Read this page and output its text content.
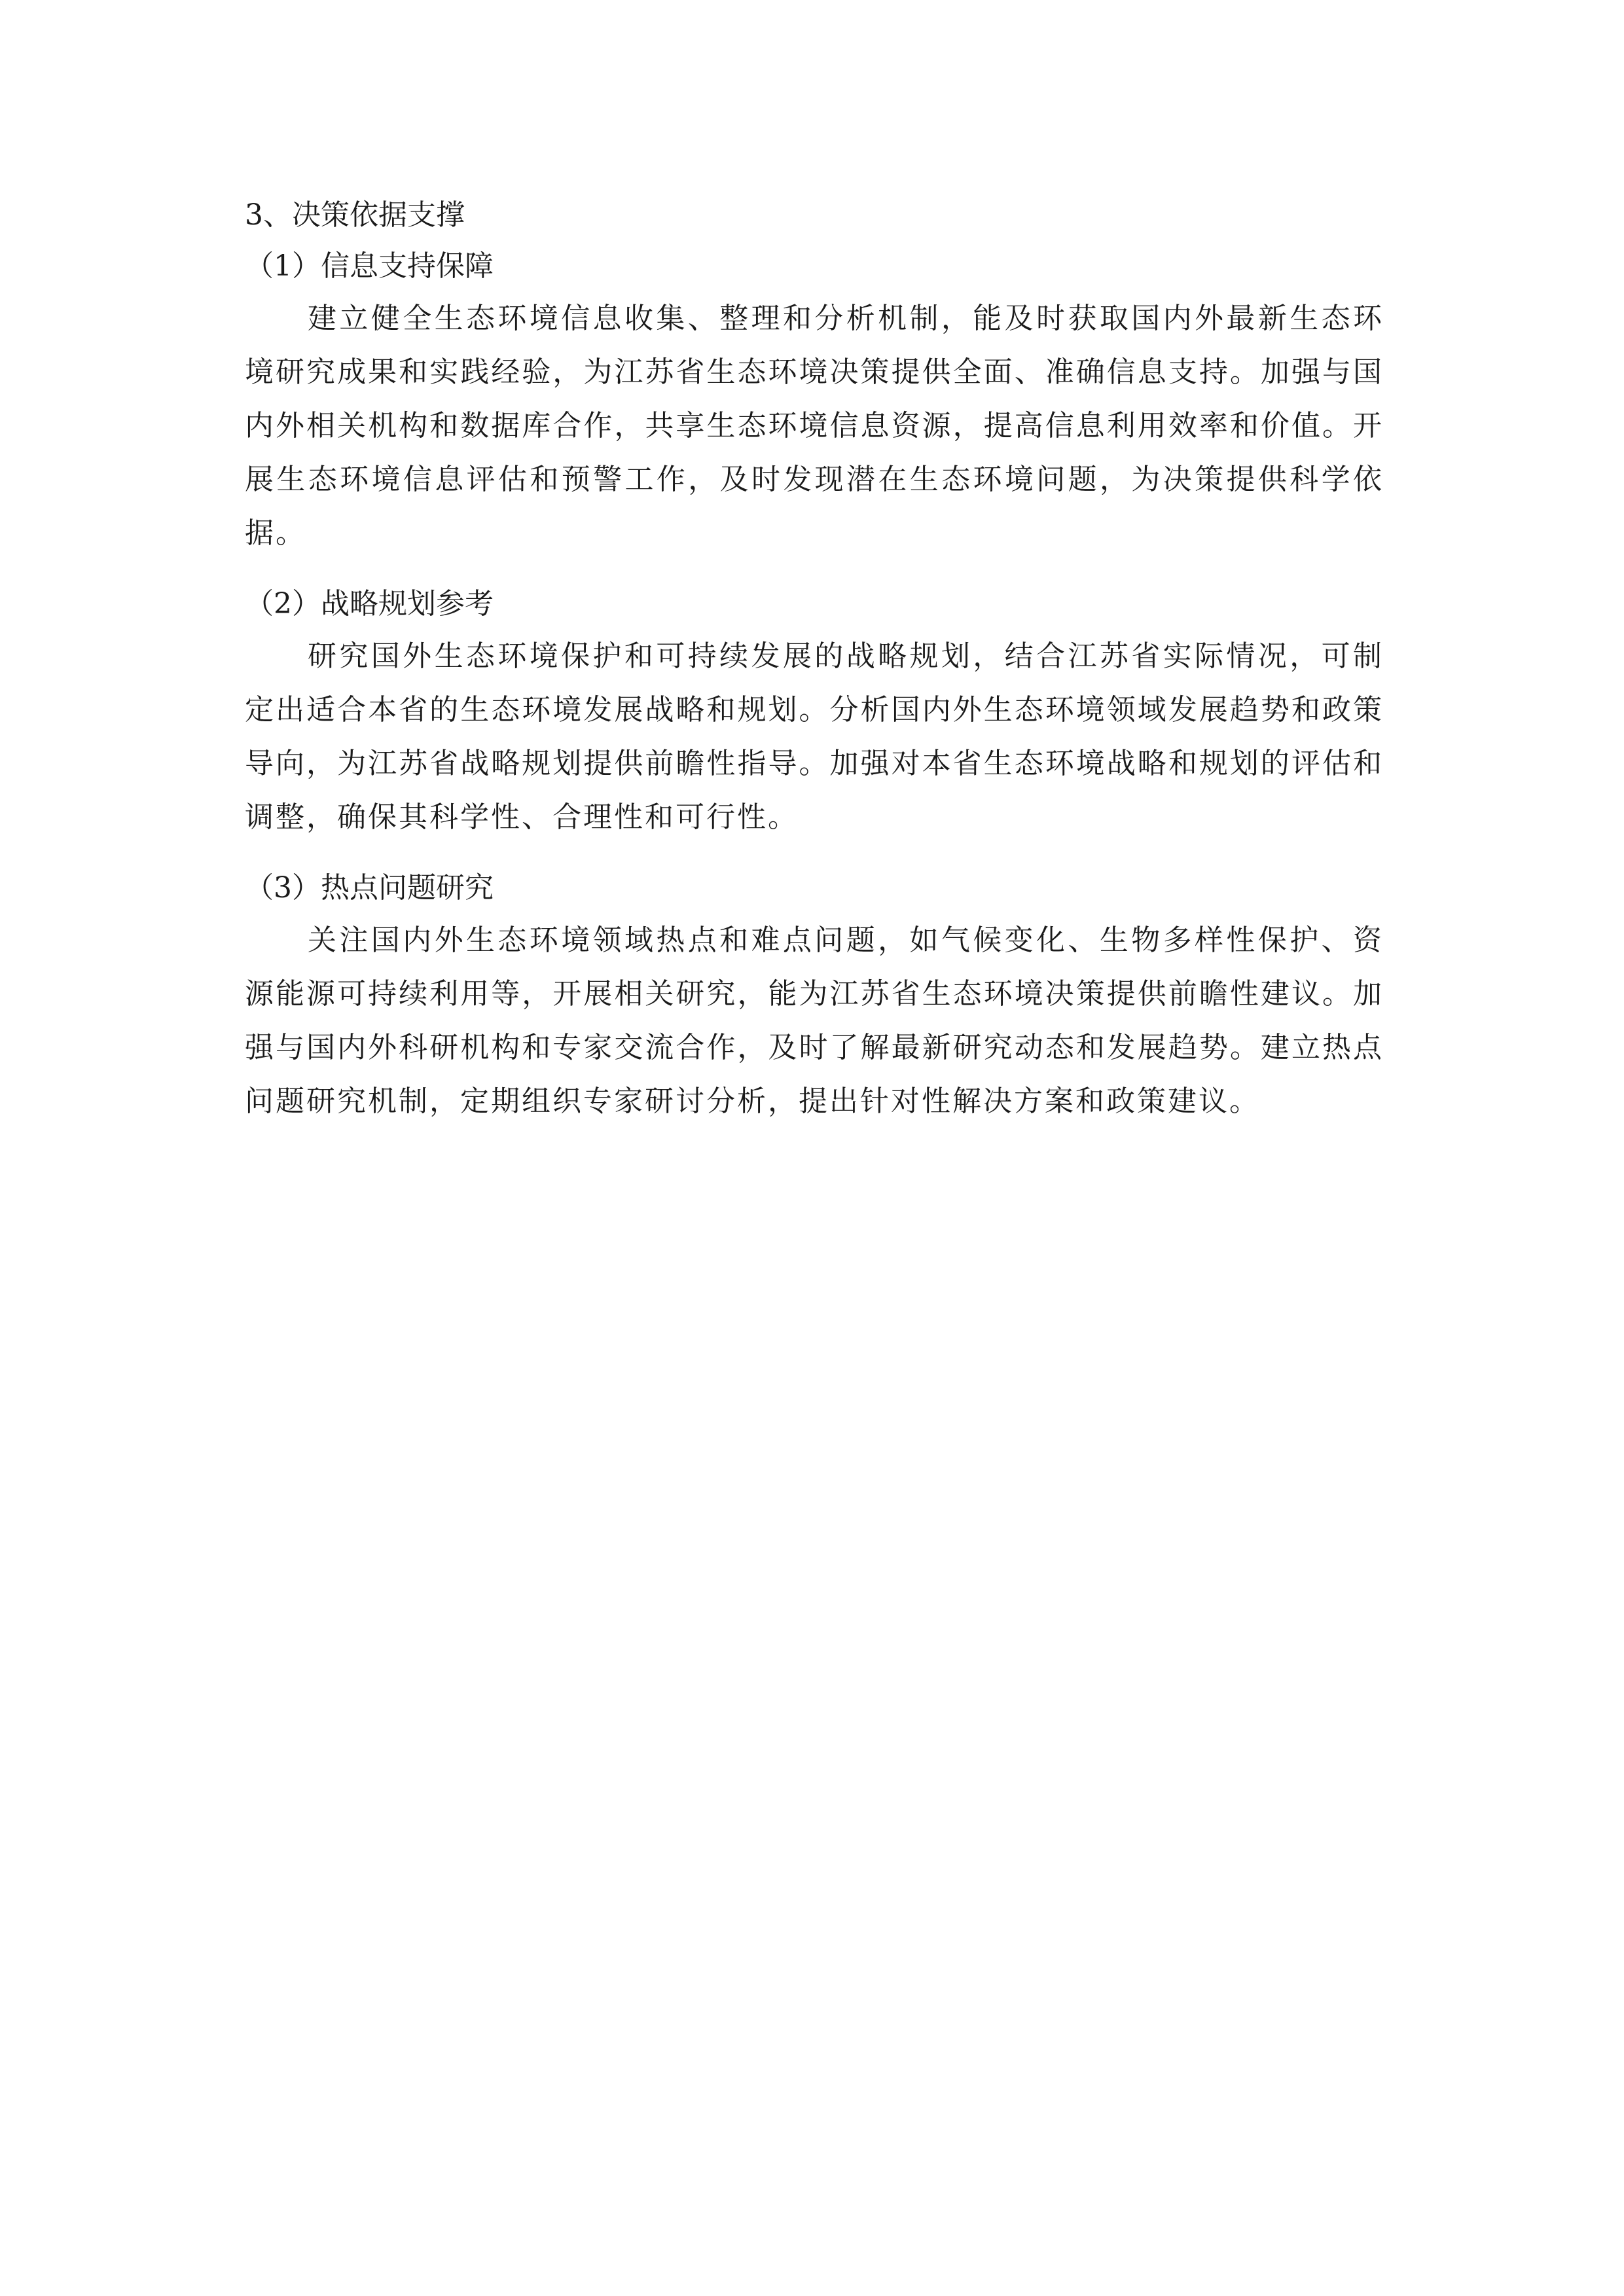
3、决策依据支撑

（1）信息支持保障

建立健全生态环境信息收集、整理和分析机制，能及时获取国内外最新生态环境研究成果和实践经验，为江苏省生态环境决策提供全面、准确信息支持。加强与国内外相关机构和数据库合作，共享生态环境信息资源，提高信息利用效率和价值。开展生态环境信息评估和预警工作，及时发现潜在生态环境问题，为决策提供科学依据。

（2）战略规划参考

研究国外生态环境保护和可持续发展的战略规划，结合江苏省实际情况，可制定出适合本省的生态环境发展战略和规划。分析国内外生态环境领域发展趋势和政策导向，为江苏省战略规划提供前瞻性指导。加强对本省生态环境战略和规划的评估和调整，确保其科学性、合理性和可行性。

（3）热点问题研究

关注国内外生态环境领域热点和难点问题，如气候变化、生物多样性保护、资源能源可持续利用等，开展相关研究，能为江苏省生态环境决策提供前瞻性建议。加强与国内外科研机构和专家交流合作，及时了解最新研究动态和发展趋势。建立热点问题研究机制，定期组织专家研讨分析，提出针对性解决方案和政策建议。
